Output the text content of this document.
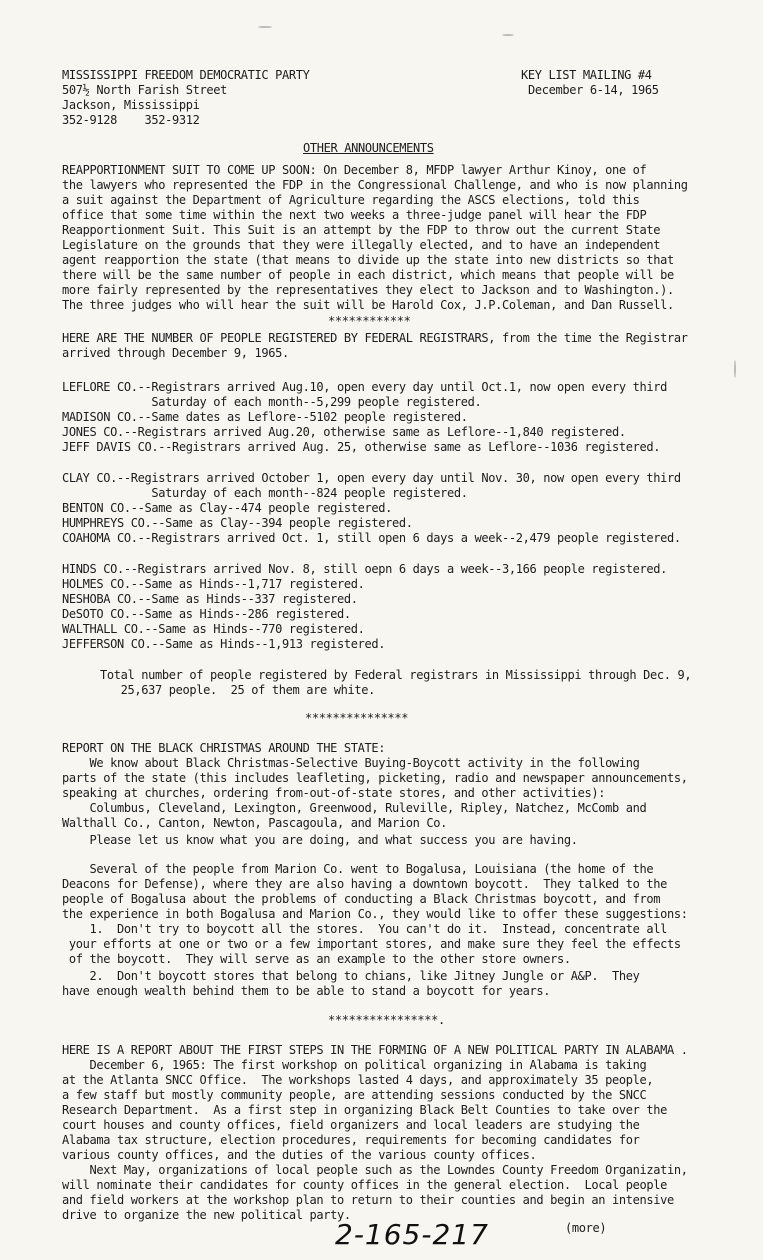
MISSISSIPPI FREEDOM DEMOCRATIC PARTY
507½ North Farish Street
Jackson, Mississippi
352-9128    352-9312
KEY LIST MAILING #4
December 6-14, 1965
OTHER ANNOUNCEMENTS
REAPPORTIONMENT SUIT TO COME UP SOON: On December 8, MFDP lawyer Arthur Kinoy, one of
the lawyers who represented the FDP in the Congressional Challenge, and who is now planning
a suit against the Department of Agriculture regarding the ASCS elections, told this
office that some time within the next two weeks a three-judge panel will hear the FDP
Reapportionment Suit. This Suit is an attempt by the FDP to throw out the current State
Legislature on the grounds that they were illegally elected, and to have an independent
agent reapportion the state (that means to divide up the state into new districts so that
there will be the same number of people in each district, which means that people will be
more fairly represented by the representatives they elect to Jackson and to Washington.).
The three judges who will hear the suit will be Harold Cox, J.P.Coleman, and Dan Russell.
************
HERE ARE THE NUMBER OF PEOPLE REGISTERED BY FEDERAL REGISTRARS, from the time the Registrar
arrived through December 9, 1965.
LEFLORE CO.--Registrars arrived Aug.10, open every day until Oct.1, now open every third
Saturday of each month--5,299 people registered.
MADISON CO.--Same dates as Leflore--5102 people registered.
JONES CO.--Registrars arrived Aug.20, otherwise same as Leflore--1,840 registered.
JEFF DAVIS CO.--Registrars arrived Aug. 25, otherwise same as Leflore--1036 registered.
CLAY CO.--Registrars arrived October 1, open every day until Nov. 30, now open every third
Saturday of each month--824 people registered.
BENTON CO.--Same as Clay--474 people registered.
HUMPHREYS CO.--Same as Clay--394 people registered.
COAHOMA CO.--Registrars arrived Oct. 1, still open 6 days a week--2,479 people registered.
HINDS CO.--Registrars arrived Nov. 8, still oepn 6 days a week--3,166 people registered.
HOLMES CO.--Same as Hinds--1,717 registered.
NESHOBA CO.--Same as Hinds--337 registered.
DeSOTO CO.--Same as Hinds--286 registered.
WALTHALL CO.--Same as Hinds--770 registered.
JEFFERSON CO.--Same as Hinds--1,913 registered.
Total number of people registered by Federal registrars in Mississippi through Dec. 9,
25,637 people.  25 of them are white.
***************
REPORT ON THE BLACK CHRISTMAS AROUND THE STATE:
We know about Black Christmas-Selective Buying-Boycott activity in the following
parts of the state (this includes leafleting, picketing, radio and newspaper announcements,
speaking at churches, ordering from-out-of-state stores, and other activities):
Columbus, Cleveland, Lexington, Greenwood, Ruleville, Ripley, Natchez, McComb and
Walthall Co., Canton, Newton, Pascagoula, and Marion Co.
Please let us know what you are doing, and what success you are having.
Several of the people from Marion Co. went to Bogalusa, Louisiana (the home of the
Deacons for Defense), where they are also having a downtown boycott.  They talked to the
people of Bogalusa about the problems of conducting a Black Christmas boycott, and from
the experience in both Bogalusa and Marion Co., they would like to offer these suggestions:
1.  Don't try to boycott all the stores.  You can't do it.  Instead, concentrate all
your efforts at one or two or a few important stores, and make sure they feel the effects
of the boycott.  They will serve as an example to the other store owners.
2.  Don't boycott stores that belong to chians, like Jitney Jungle or A&P.  They
have enough wealth behind them to be able to stand a boycott for years.
****************.
HERE IS A REPORT ABOUT THE FIRST STEPS IN THE FORMING OF A NEW POLITICAL PARTY IN ALABAMA .
December 6, 1965: The first workshop on political organizing in Alabama is taking
at the Atlanta SNCC Office.  The workshops lasted 4 days, and approximately 35 people,
a few staff but mostly community people, are attending sessions conducted by the SNCC
Research Department.  As a first step in organizing Black Belt Counties to take over the
court houses and county offices, field organizers and local leaders are studying the
Alabama tax structure, election procedures, requirements for becoming candidates for
various county offices, and the duties of the various county offices.
Next May, organizations of local people such as the Lowndes County Freedom Organizatin,
will nominate their candidates for county offices in the general election.  Local people
and field workers at the workshop plan to return to their counties and begin an intensive
drive to organize the new political party.
2-165-217	(more)
